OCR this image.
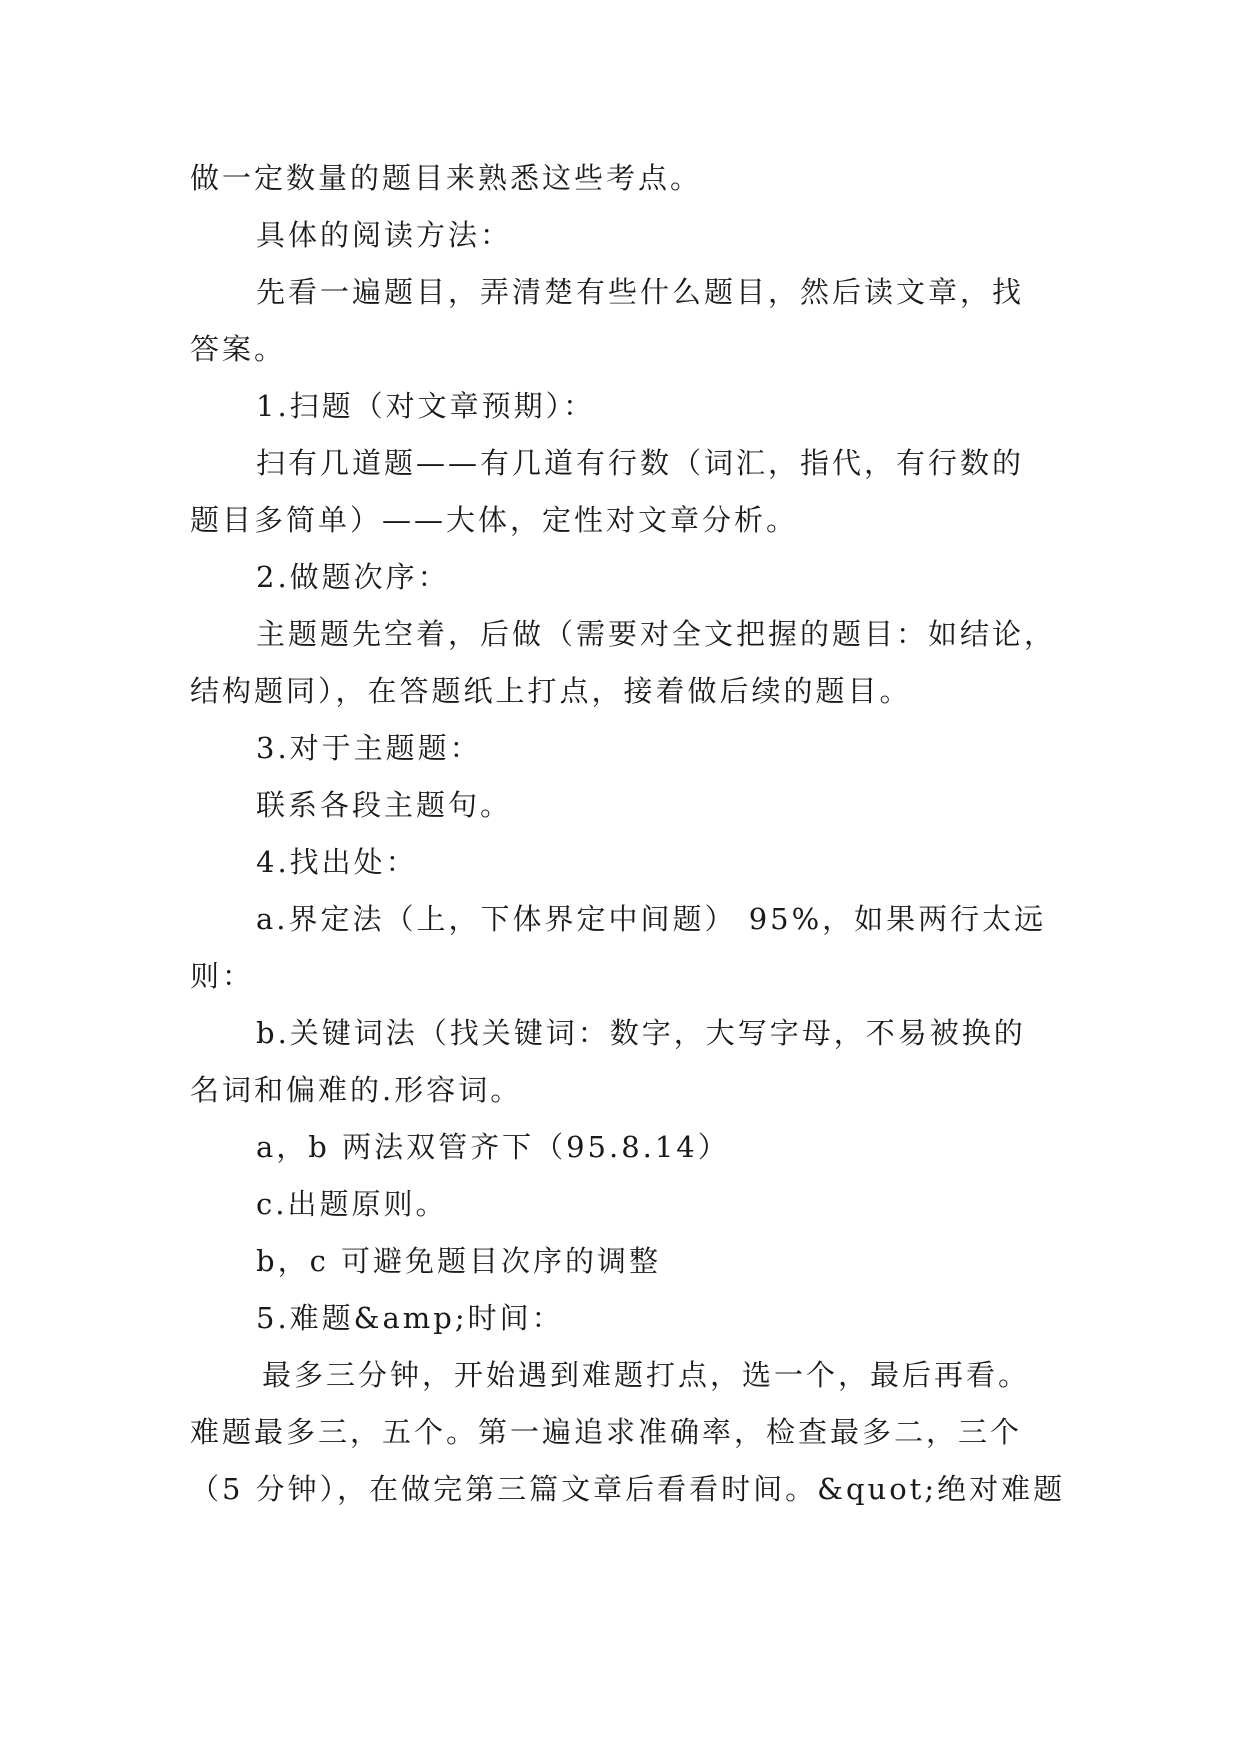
做一定数量的题目来熟悉这些考点。
具体的阅读方法：
先看一遍题目，弄清楚有些什么题目，然后读文章，找
答案。
1.扫题（对文章预期）：
扫有几道题——有几道有行数（词汇，指代，有行数的
题目多简单）——大体，定性对文章分析。
2.做题次序：
主题题先空着，后做（需要对全文把握的题目：如结论，
结构题同），在答题纸上打点，接着做后续的题目。
3.对于主题题：
联系各段主题句。
4.找出处：
a.界定法（上，下体界定中间题） 95%，如果两行太远
则：
b.关键词法（找关键词：数字，大写字母，不易被换的
名词和偏难的.形容词。
a，b 两法双管齐下（95.8.14）
c.出题原则。
b，c 可避免题目次序的调整
5.难题&amp;时间：
最多三分钟，开始遇到难题打点，选一个，最后再看。
难题最多三，五个。第一遍追求准确率，检查最多二，三个
（5 分钟），在做完第三篇文章后看看时间。&quot;绝对难题
